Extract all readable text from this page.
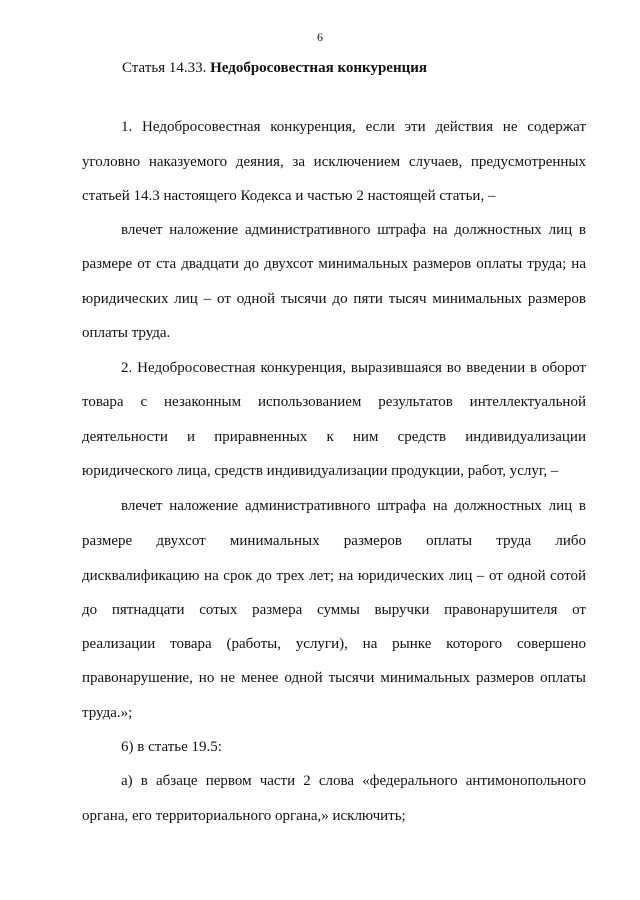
6
Статья 14.33. Недобросовестная конкуренция
1. Недобросовестная конкуренция, если эти действия не содержат
уголовно наказуемого деяния, за исключением случаев, предусмотренных
статьей 14.3 настоящего Кодекса и частью 2 настоящей статьи, –
влечет наложение административного штрафа на должностных лиц в
размере от ста двадцати до двухсот минимальных размеров оплаты труда; на
юридических лиц – от одной тысячи до пяти тысяч минимальных размеров
оплаты труда.
2. Недобросовестная конкуренция, выразившаяся во введении в оборот
товара с незаконным использованием результатов интеллектуальной
деятельности и приравненных к ним средств индивидуализации
юридического лица, средств индивидуализации продукции, работ, услуг, –
влечет наложение административного штрафа на должностных лиц в
размере двухсот минимальных размеров оплаты труда либо
дисквалификацию на срок до трех лет; на юридических лиц – от одной сотой
до пятнадцати сотых размера суммы выручки правонарушителя от
реализации товара (работы, услуги), на рынке которого совершено
правонарушение, но не менее одной тысячи минимальных размеров оплаты
труда.»;
6) в статье 19.5:
а) в абзаце первом части 2 слова «федерального антимонопольного
органа, его территориального органа,» исключить;
